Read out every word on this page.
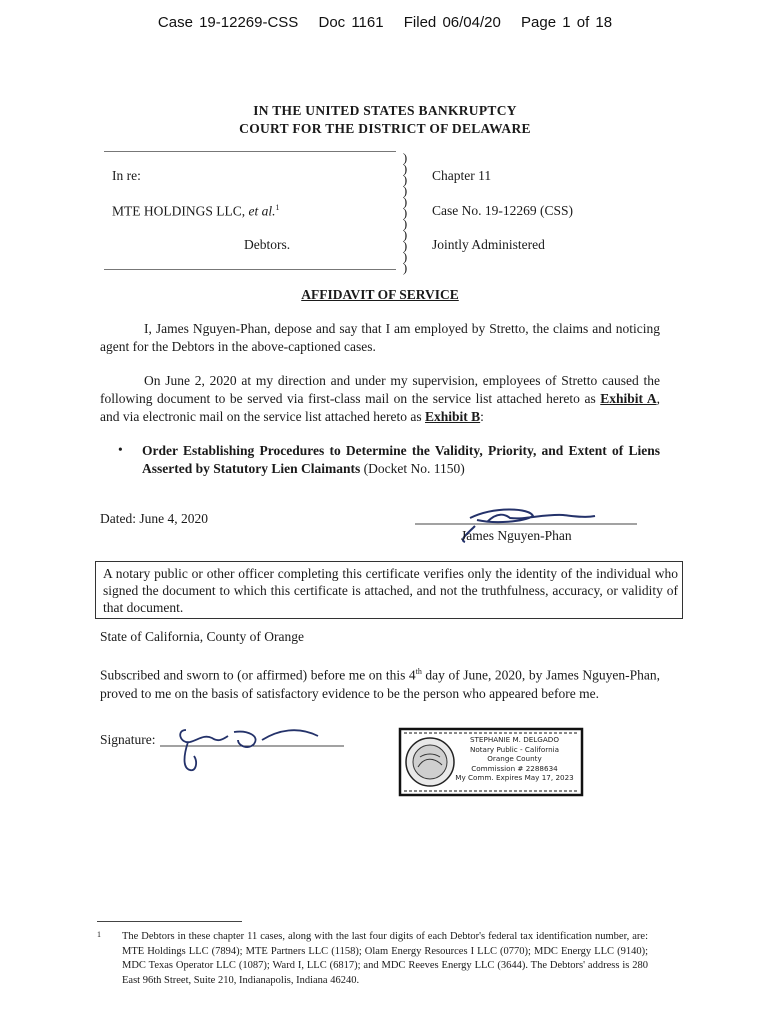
Case 19-12269-CSS Doc 1161 Filed 06/04/20 Page 1 of 18
IN THE UNITED STATES BANKRUPTCY
COURT FOR THE DISTRICT OF DELAWARE
)
)
)
)
)
)
)
)
)
)
)
In re:
MTE HOLDINGS LLC, et al.$^1$
Debtors.
Chapter 11
Case No. 19-12269 (CSS)
Jointly Administered
AFFIDAVIT OF SERVICE
I, James Nguyen-Phan, depose and say that I am employed by Stretto, the claims and noticing agent for the Debtors in the above-captioned cases.
On June 2, 2020 at my direction and under my supervision, employees of Stretto caused the following document to be served via first-class mail on the service list attached hereto as Exhibit A, and via electronic mail on the service list attached hereto as Exhibit B:
• Order Establishing Procedures to Determine the Validity, Priority, and Extent of Liens Asserted by Statutory Lien Claimants (Docket No. 1150)
Dated: June 4, 2020
James Nguyen-Phan
A notary public or other officer completing this certificate verifies only the identity of the individual who signed the document to which this certificate is attached, and not the truthfulness, accuracy, or validity of that document.
State of California, County of Orange
Subscribed and sworn to (or affirmed) before me on this 4th day of June, 2020, by James Nguyen-Phan, proved to me on the basis of satisfactory evidence to be the person who appeared before me.
Signature:	STEPHANIE M. DELGADO
Notary Public - California
Orange County
Commission # 2288634
My Comm. Expires May 17, 2023
1	The Debtors in these chapter 11 cases, along with the last four digits of each Debtor's federal tax identification number, are: MTE Holdings LLC (7894); MTE Partners LLC (1158); Olam Energy Resources I LLC (0770); MDC Energy LLC (9140); MDC Texas Operator LLC (1087); Ward I, LLC (6817); and MDC Reeves Energy LLC (3644). The Debtors' address is 280 East 96th Street, Suite 210, Indianapolis, Indiana 46240.
